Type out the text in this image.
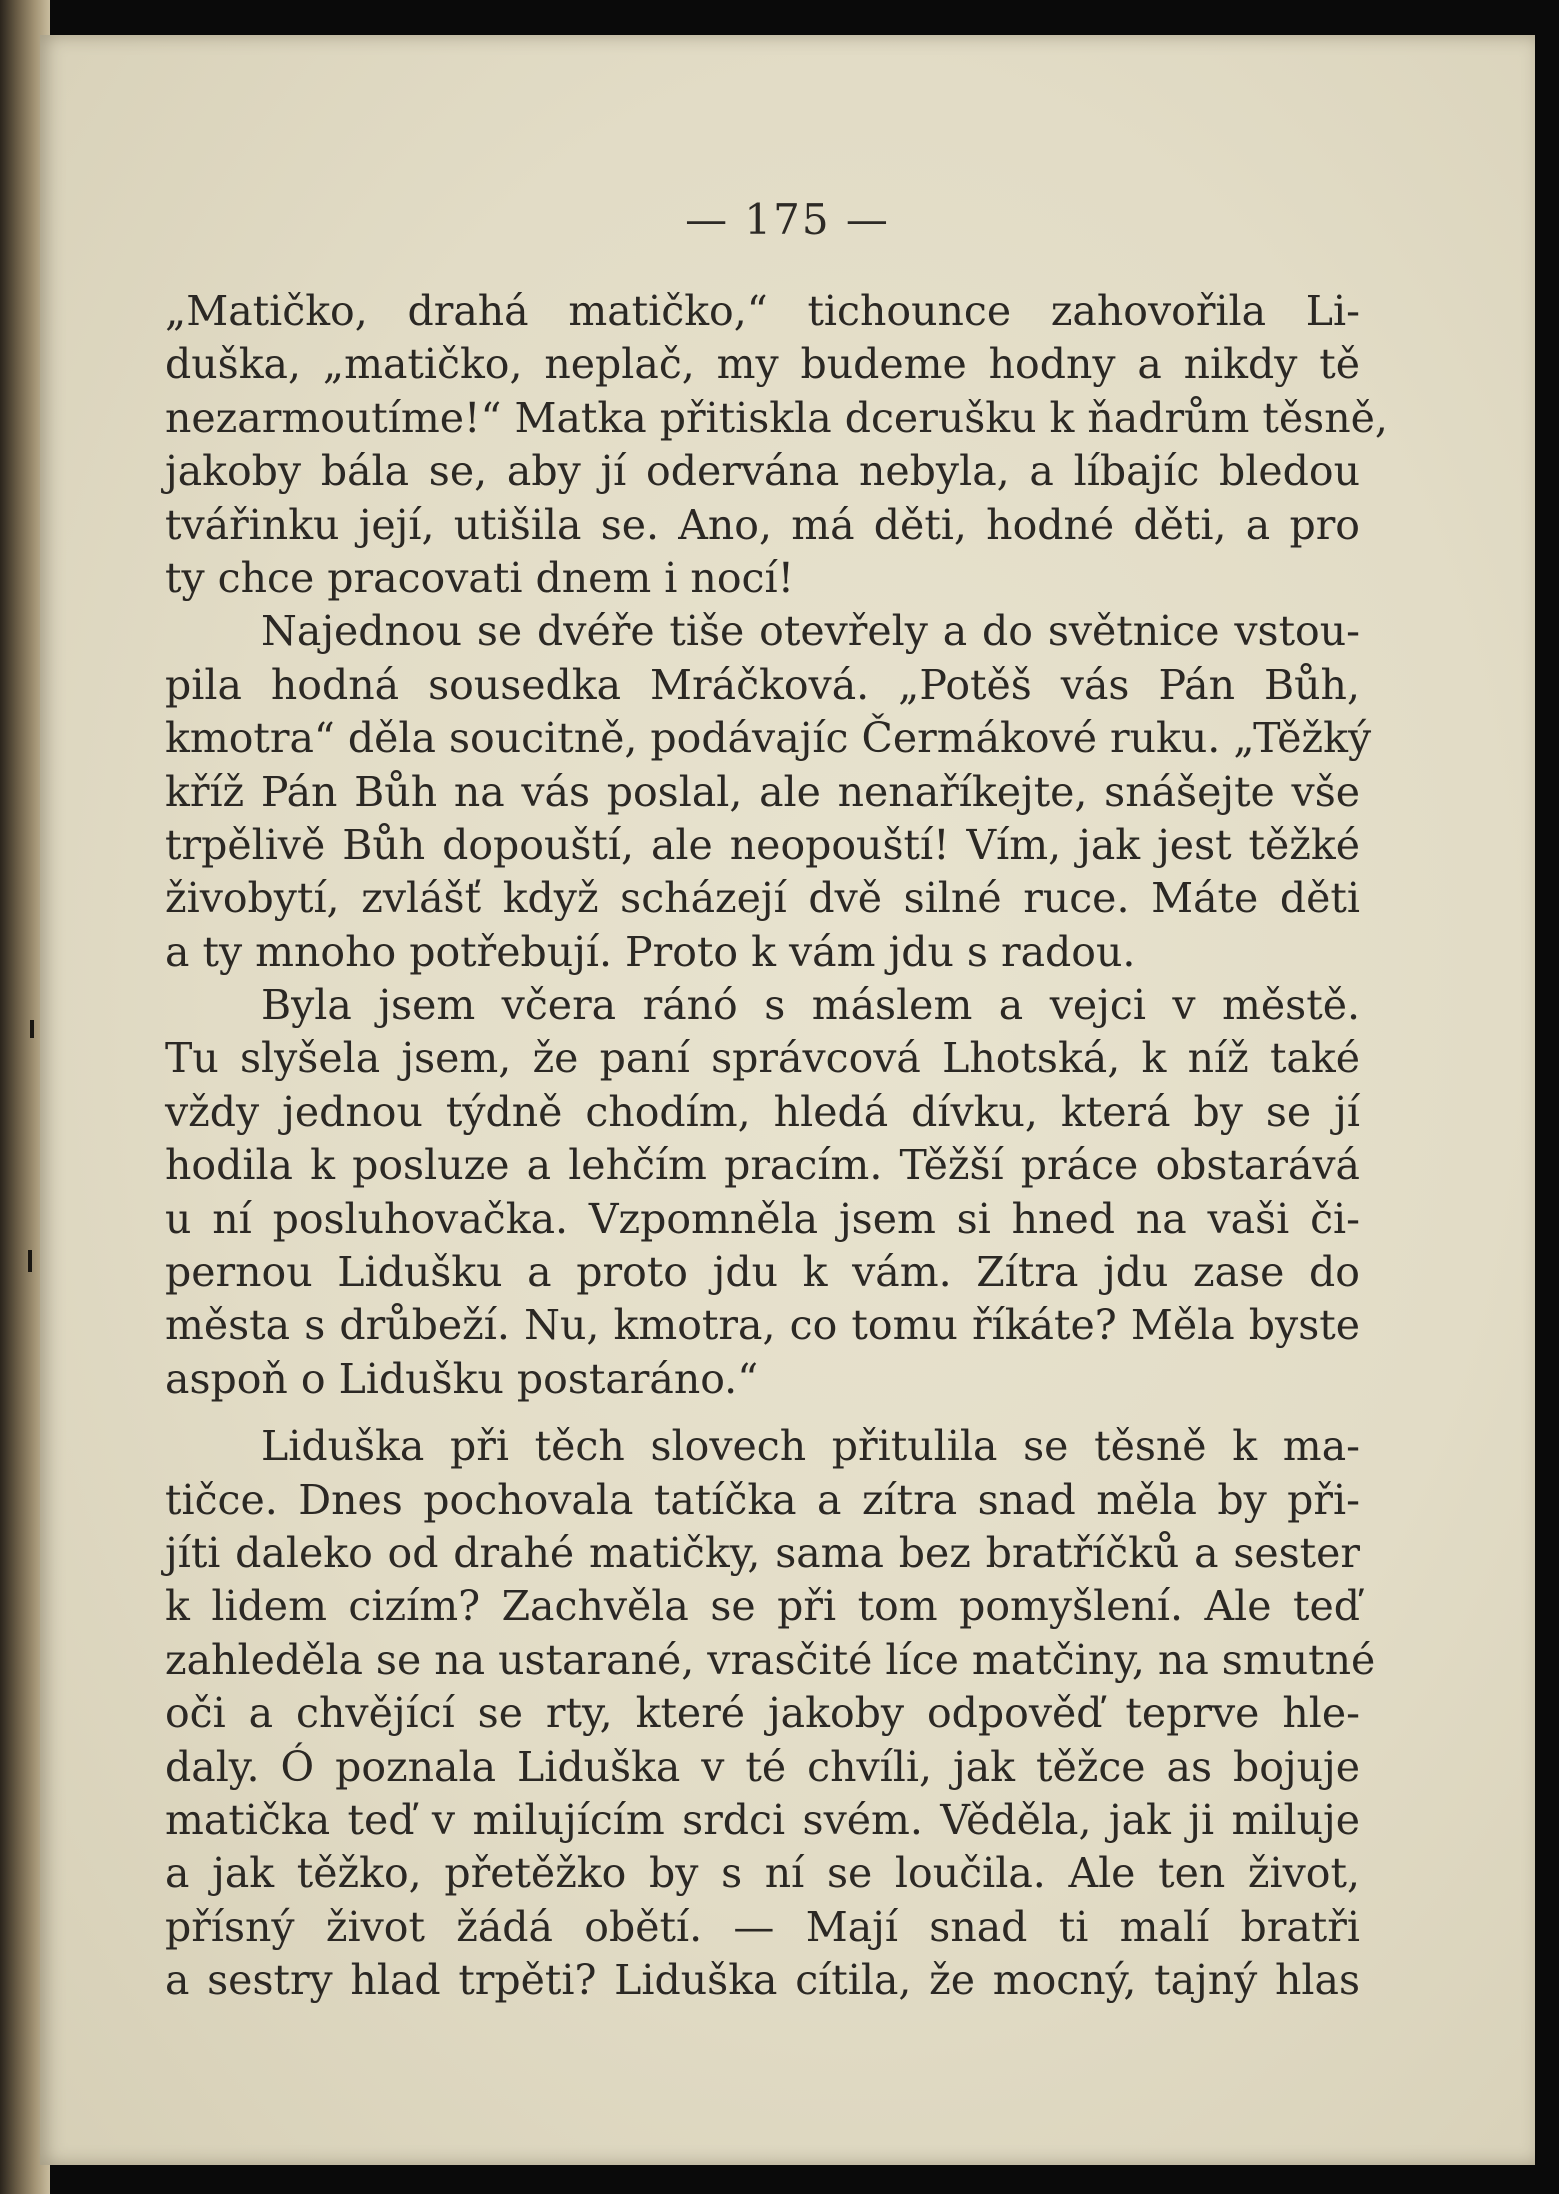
— 175 —
„Matičko, drahá matičko,“ tichounce zahovořila Li-
duška, „matičko, neplač, my budeme hodny a nikdy tě
nezarmoutíme!“ Matka přitiskla dcerušku k ňadrům těsně,
jakoby bála se, aby jí odervána nebyla, a líbajíc bledou
tvářinku její, utišila se. Ano, má děti, hodné děti, a pro
ty chce pracovati dnem i nocí!
Najednou se dvéře tiše otevřely a do světnice vstou-
pila hodná sousedka Mráčková. „Potěš vás Pán Bůh,
kmotra“ děla soucitně, podávajíc Čermákové ruku. „Těžký
kříž Pán Bůh na vás poslal, ale nenaříkejte, snášejte vše
trpělivě Bůh dopouští, ale neopouští! Vím, jak jest těžké
živobytí, zvlášť když scházejí dvě silné ruce. Máte děti
a ty mnoho potřebují. Proto k vám jdu s radou.
Byla jsem včera ránó s máslem a vejci v městě.
Tu slyšela jsem, že paní správcová Lhotská, k níž také
vždy jednou týdně chodím, hledá dívku, která by se jí
hodila k posluze a lehčím pracím. Těžší práce obstarává
u ní posluhovačka. Vzpomněla jsem si hned na vaši či-
pernou Lidušku a proto jdu k vám. Zítra jdu zase do
města s drůbeží. Nu, kmotra, co tomu říkáte? Měla byste
aspoň o Lidušku postaráno.“
Liduška při těch slovech přitulila se těsně k ma-
tičce. Dnes pochovala tatíčka a zítra snad měla by při-
jíti daleko od drahé matičky, sama bez bratříčků a sester
k lidem cizím? Zachvěla se při tom pomyšlení. Ale teď
zahleděla se na ustarané, vrasčité líce matčiny, na smutné
oči a chvějící se rty, které jakoby odpověď teprve hle-
daly. Ó poznala Liduška v té chvíli, jak těžce as bojuje
matička teď v milujícím srdci svém. Věděla, jak ji miluje
a jak těžko, přetěžko by s ní se loučila. Ale ten život,
přísný život žádá obětí. — Mají snad ti malí bratři
a sestry hlad trpěti? Liduška cítila, že mocný, tajný hlas
